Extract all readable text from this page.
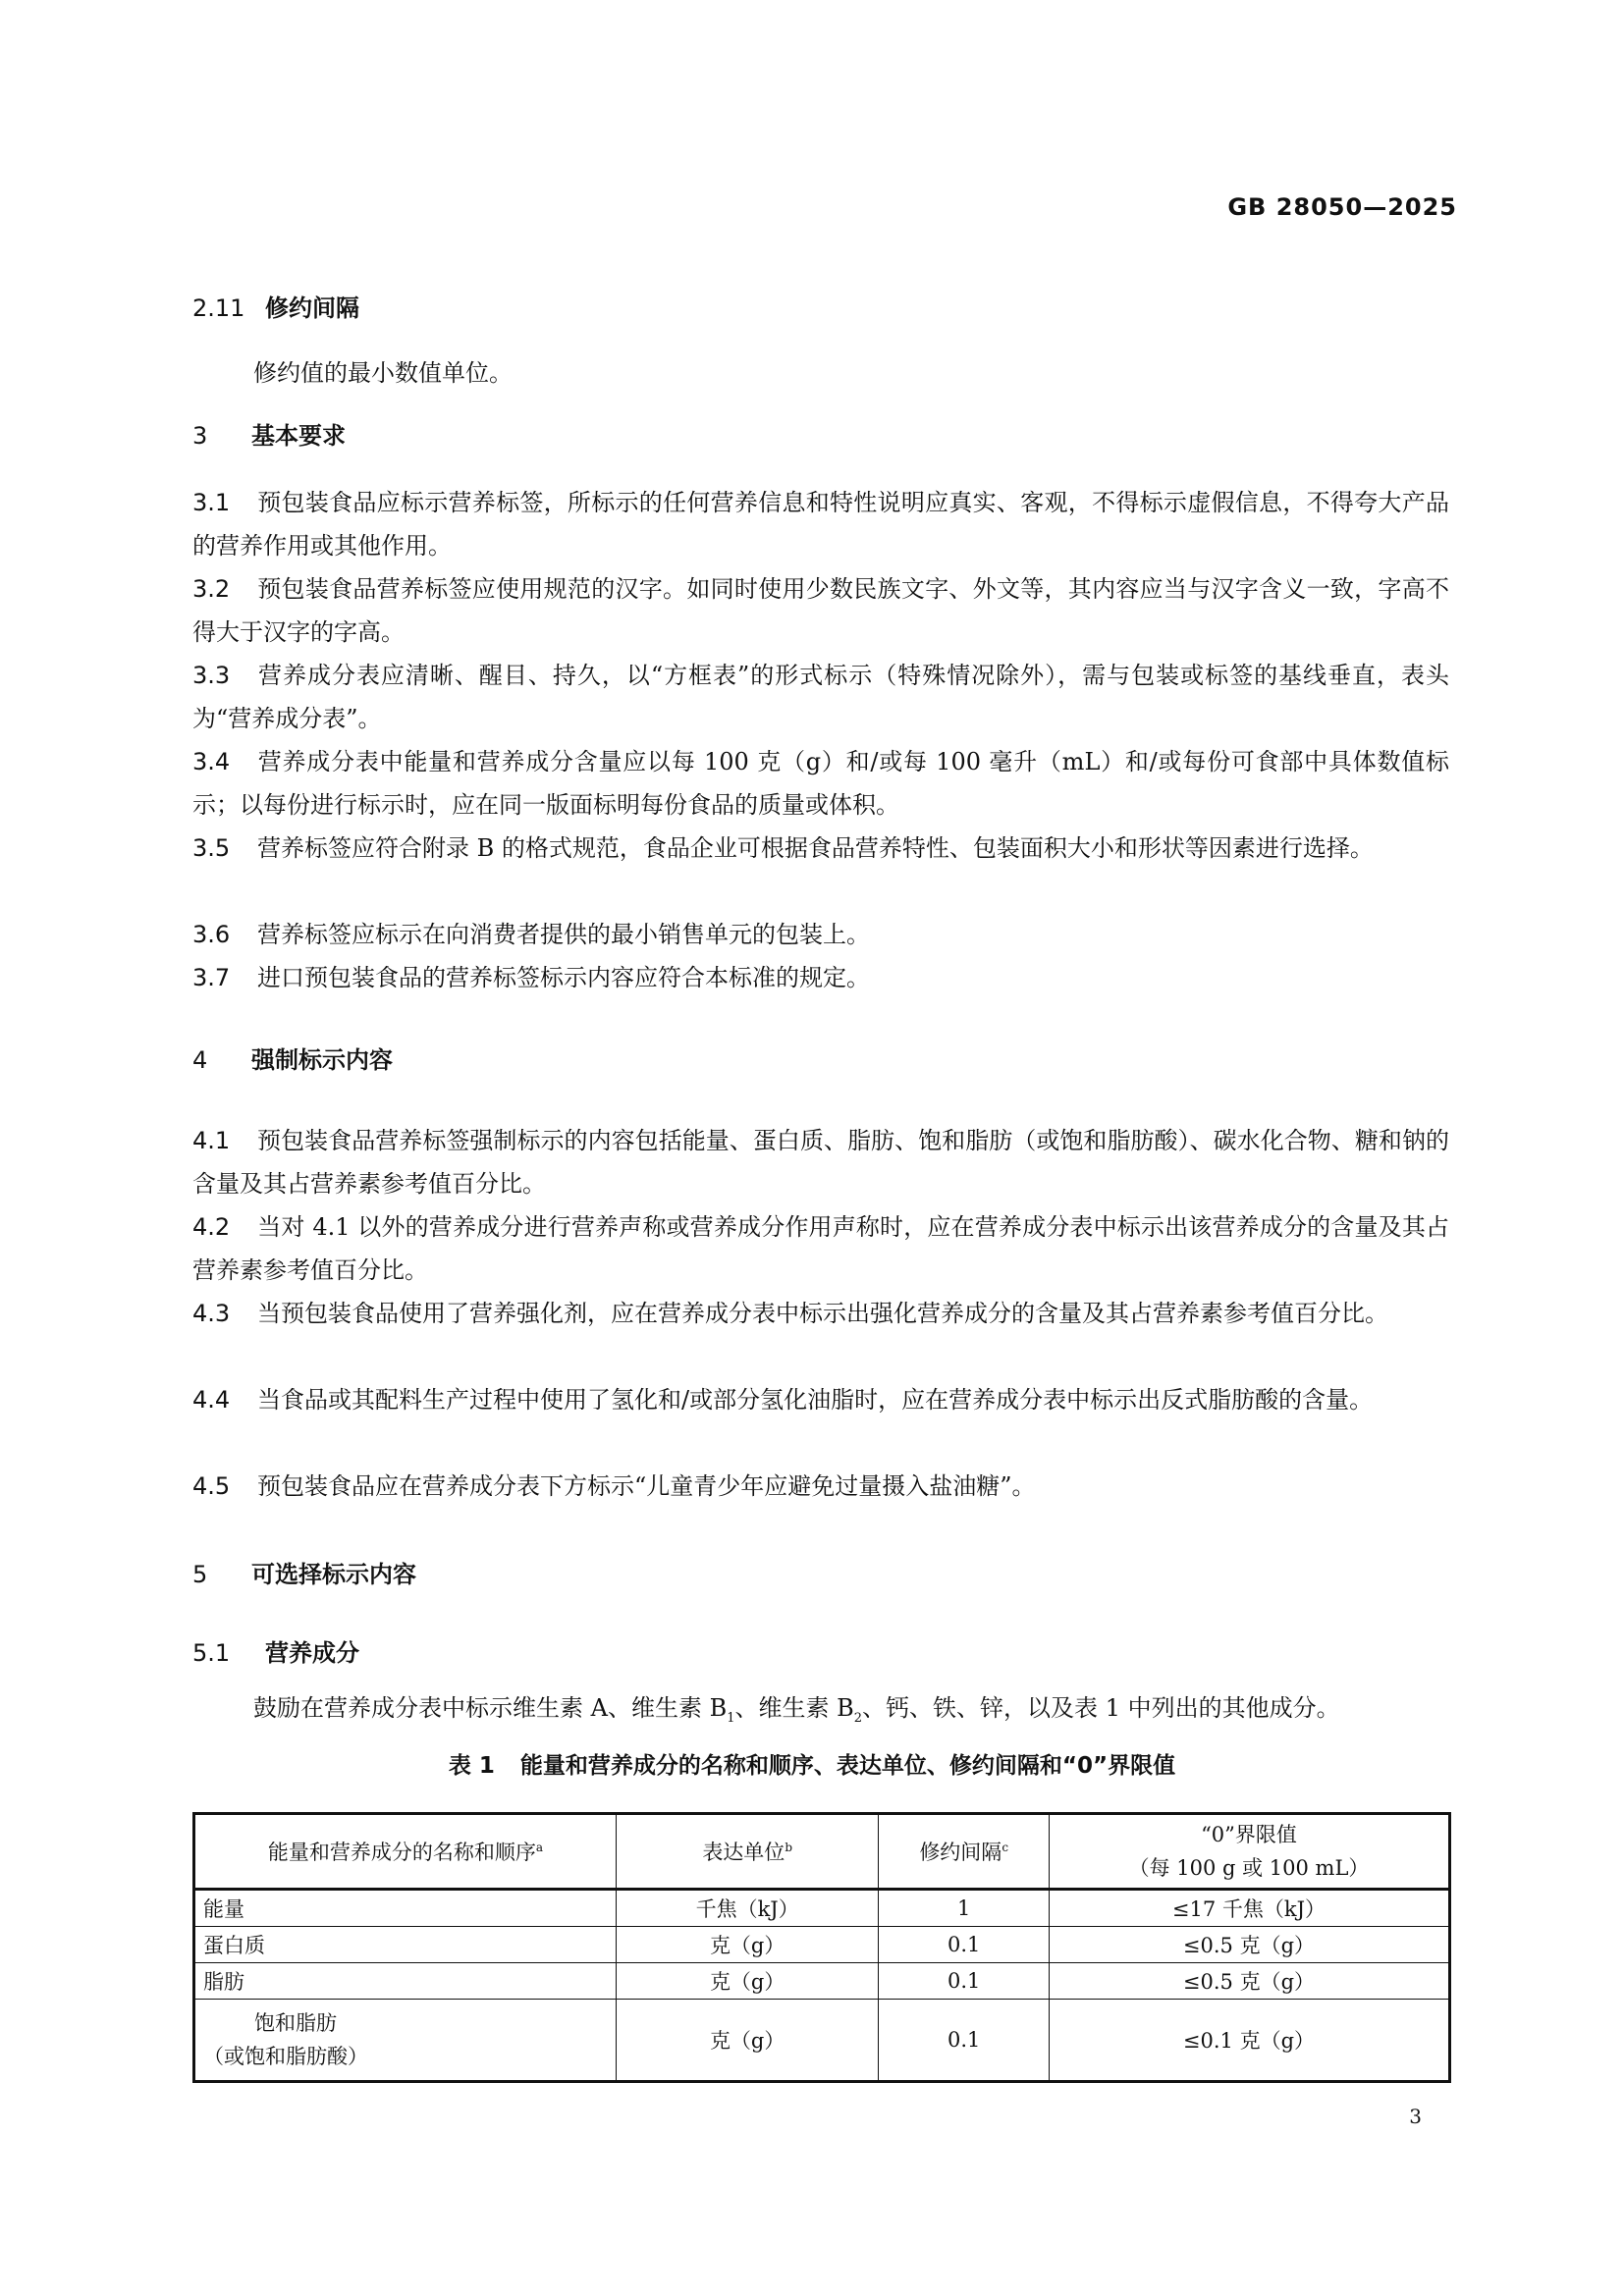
GB 28050—2025
2.11 修约间隔
修约值的最小数值单位。
3 基本要求
3.1 预包装食品应标示营养标签，所标示的任何营养信息和特性说明应真实、客观，不得标示虚假信息，不得夸大产品的营养作用或其他作用。
3.2 预包装食品营养标签应使用规范的汉字。如同时使用少数民族文字、外文等，其内容应当与汉字含义一致，字高不得大于汉字的字高。
3.3 营养成分表应清晰、醒目、持久，以“方框表”的形式标示（特殊情况除外），需与包装或标签的基线垂直，表头为“营养成分表”。
3.4 营养成分表中能量和营养成分含量应以每 100 克（g）和/或每 100 毫升（mL）和/或每份可食部中具体数值标示；以每份进行标示时，应在同一版面标明每份食品的质量或体积。
3.5 营养标签应符合附录 B 的格式规范，食品企业可根据食品营养特性、包装面积大小和形状等因素进行选择。
3.6 营养标签应标示在向消费者提供的最小销售单元的包装上。
3.7 进口预包装食品的营养标签标示内容应符合本标准的规定。
4 强制标示内容
4.1 预包装食品营养标签强制标示的内容包括能量、蛋白质、脂肪、饱和脂肪（或饱和脂肪酸）、碳水化合物、糖和钠的含量及其占营养素参考值百分比。
4.2 当对 4.1 以外的营养成分进行营养声称或营养成分作用声称时，应在营养成分表中标示出该营养成分的含量及其占营养素参考值百分比。
4.3 当预包装食品使用了营养强化剂，应在营养成分表中标示出强化营养成分的含量及其占营养素参考值百分比。
4.4 当食品或其配料生产过程中使用了氢化和/或部分氢化油脂时，应在营养成分表中标示出反式脂肪酸的含量。
4.5 预包装食品应在营养成分表下方标示“儿童青少年应避免过量摄入盐油糖”。
5 可选择标示内容
5.1 营养成分
鼓励在营养成分表中标示维生素 A、维生素 $B_1$、维生素 $B_2$、钙、铁、锌，以及表 1 中列出的其他成分。
表 1 能量和营养成分的名称和顺序、表达单位、修约间隔和“0”界限值
能量和营养成分的名称和顺序$^a$	表达单位$^b$	修约间隔$^c$	“0”界限值
（每 100 g 或 100 mL）

能量	千焦（kJ）	1	≤17 千焦（kJ）
蛋白质	克（g）	0.1	≤0.5 克（g）
脂肪	克（g）	0.1	≤0.5 克（g）

饱和脂肪
（或饱和脂肪酸）	克（g）	0.1	≤0.1 克（g）
3
